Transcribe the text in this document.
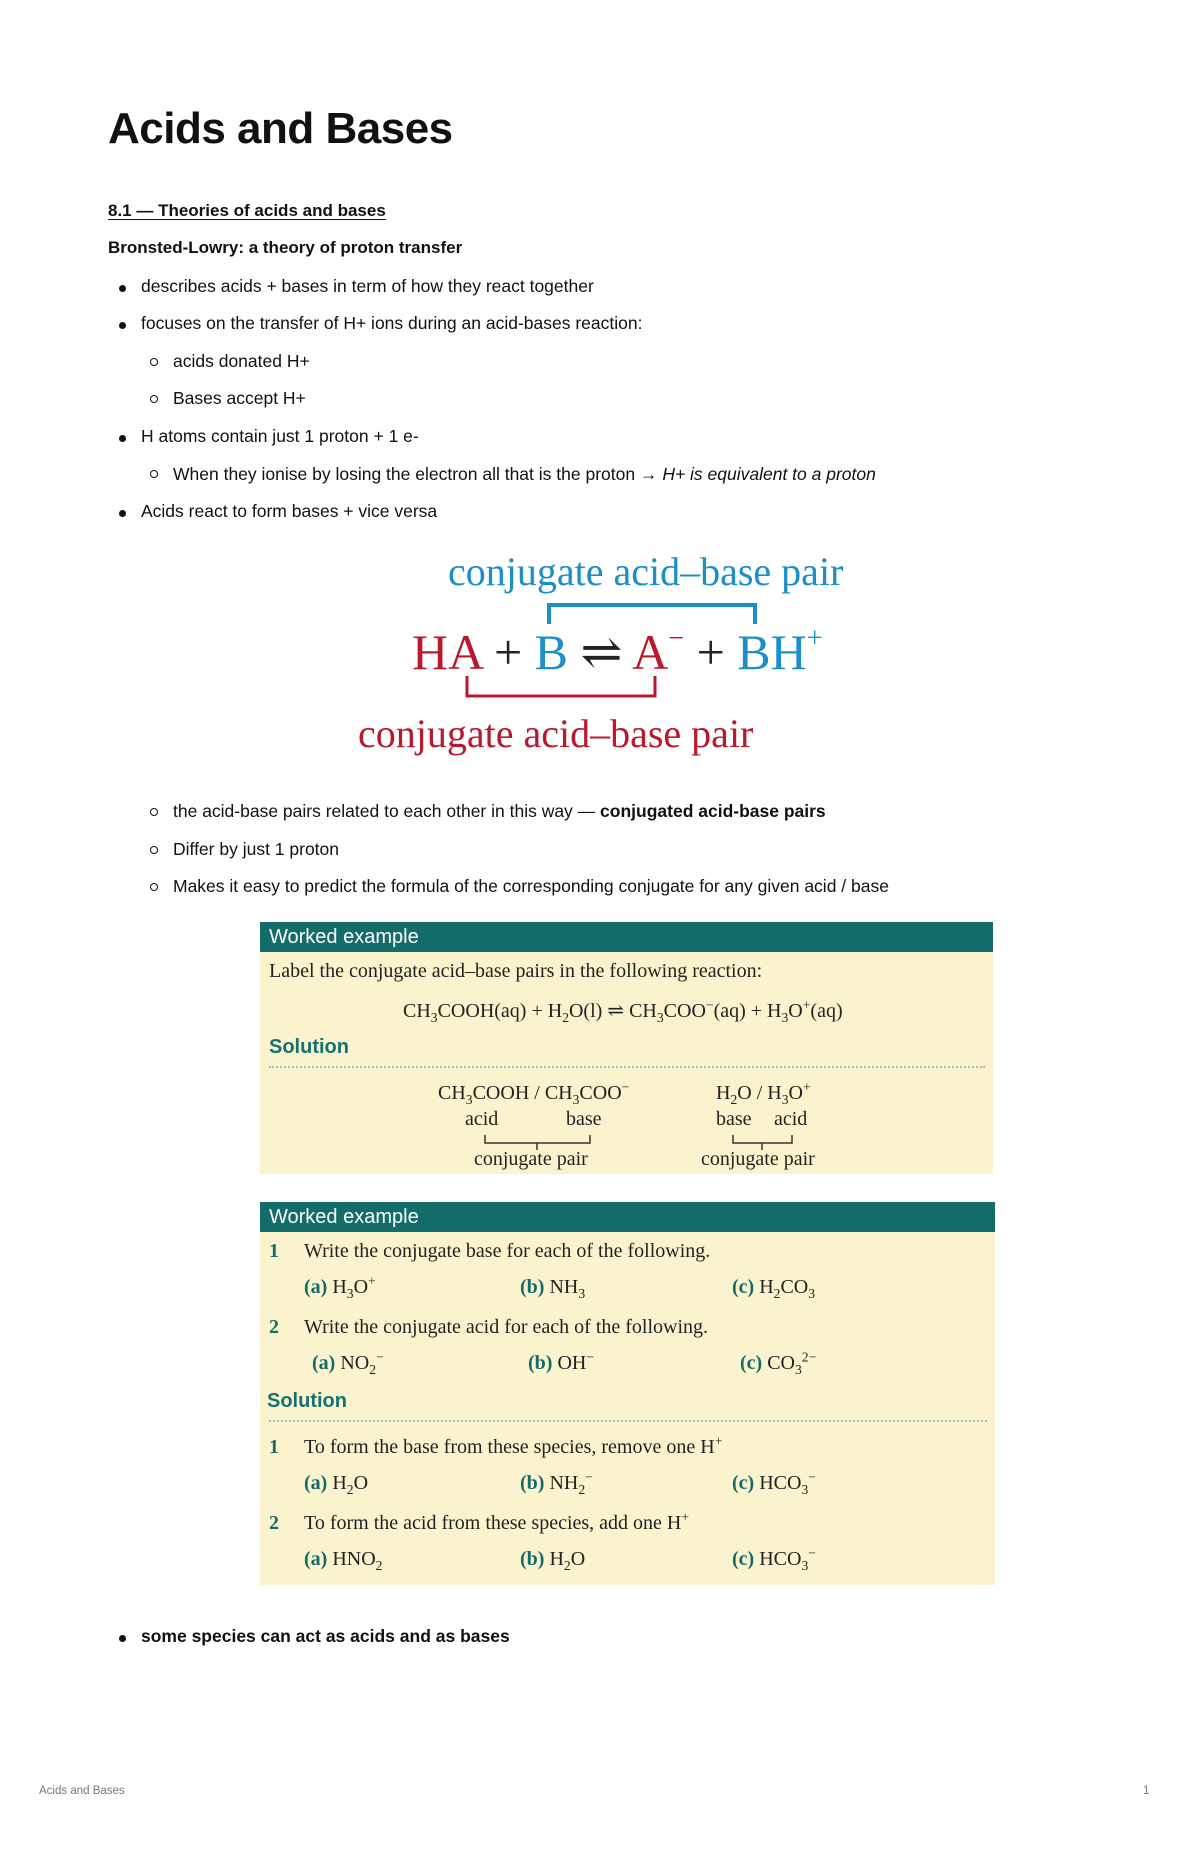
Acids and Bases
8.1 — Theories of acids and bases
Bronsted-Lowry: a theory of proton transfer
describes acids + bases in term of how they react together
focuses on the transfer of H+ ions during an acid-bases reaction:
acids donated H+
Bases accept H+
H atoms contain just 1 proton + 1 e-
When they ionise by losing the electron all that is the proton → H+ is equivalent to a proton
Acids react to form bases + vice versa
conjugate acid–base pair
HA + B ⇌ A− + BH+
conjugate acid–base pair
the acid-base pairs related to each other in this way — conjugated acid-base pairs
Differ by just 1 proton
Makes it easy to predict the formula of the corresponding conjugate for any given acid / base
Worked example
Label the conjugate acid–base pairs in the following reaction:
$CH_3COOH(aq) + H_2O(l)$ ⇌ $CH_3COO^-(aq) + H_3O^+(aq)$
Solution
$CH_3COOH / CH_3COO^-$
acid	base
conjugate pair
$H_2O / H_3O^+$
base acid
conjugate pair
Worked example
1 Write the conjugate base for each of the following.
(a) $H_3O^+$	(b) $NH_3$	(c) $H_2CO_3$
2 Write the conjugate acid for each of the following.
(a) $NO_2^-$	(b) OH−	(c) $CO_3^{2-}$
Solution
1 To form the base from these species, remove one H+
(a) $H_2O$	(b) $NH_2^-$	(c) $HCO_3^-$
2 To form the acid from these species, add one H+
(a) $HNO_2$	(b) $H_2O$	(c) $HCO_3^-$
some species can act as acids and as bases
Acids and Bases	1
